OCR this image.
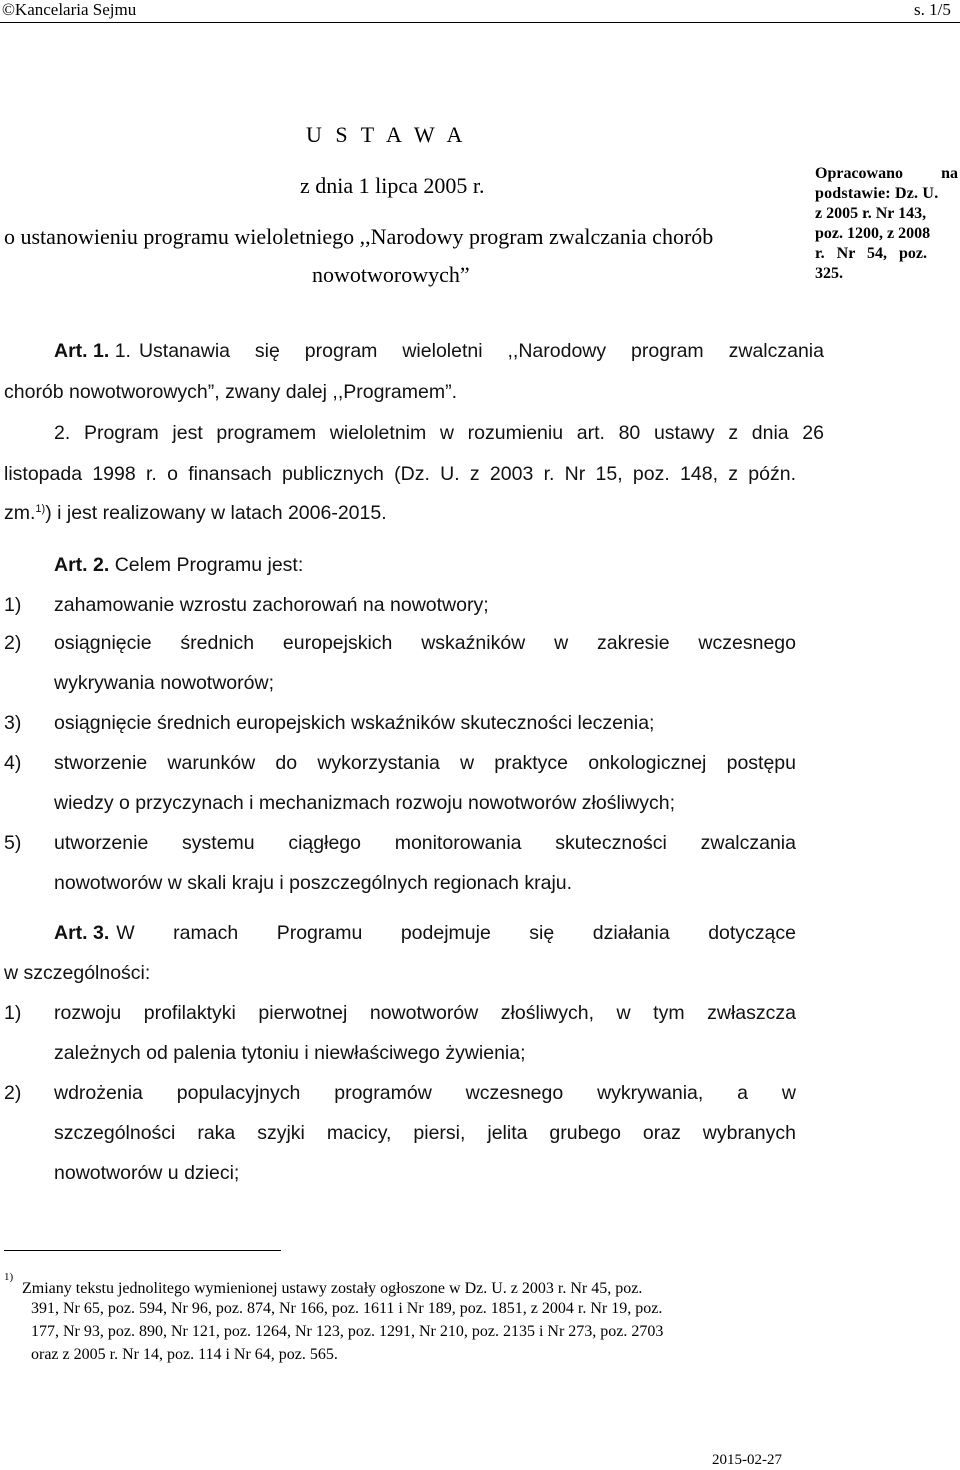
©Kancelaria Sejmu	s. 1/5
U S T A W A
z dnia 1 lipca 2005 r.
o ustanowieniu programu wieloletniego ,,Narodowy program zwalczania chorób
nowotworowych”
Opracowano na
podstawie: Dz. U.
z 2005 r. Nr 143,
poz. 1200, z 2008
r. Nr 54, poz.
325.
Art. 1. 1. Ustanawia się program wieloletni ,,Narodowy program zwalczania
chorób nowotworowych”, zwany dalej ,,Programem”.
2. Program jest programem wieloletnim w rozumieniu art. 80 ustawy z dnia 26
listopada 1998 r. o finansach publicznych (Dz. U. z 2003 r. Nr 15, poz. 148, z późn.
zm.$^{1)}$) i jest realizowany w latach 2006-2015.
Art. 2. Celem Programu jest:
1) zahamowanie wzrostu zachorowań na nowotwory;
2) osiągnięcie średnich europejskich wskaźników w zakresie wczesnego
wykrywania nowotworów;
3) osiągnięcie średnich europejskich wskaźników skuteczności leczenia;
4) stworzenie warunków do wykorzystania w praktyce onkologicznej postępu
wiedzy o przyczynach i mechanizmach rozwoju nowotworów złośliwych;
5) utworzenie systemu ciągłego monitorowania skuteczności zwalczania
nowotworów w skali kraju i poszczególnych regionach kraju.
Art. 3. W ramach Programu podejmuje się działania dotyczące
w szczególności:
1) rozwoju profilaktyki pierwotnej nowotworów złośliwych, w tym zwłaszcza
zależnych od palenia tytoniu i niewłaściwego żywienia;
2) wdrożenia populacyjnych programów wczesnego wykrywania, a w
szczególności raka szyjki macicy, piersi, jelita grubego oraz wybranych
nowotworów u dzieci;
$^{1)}$
Zmiany tekstu jednolitego wymienionej ustawy zostały ogłoszone w Dz. U. z 2003 r. Nr 45, poz.
391, Nr 65, poz. 594, Nr 96, poz. 874, Nr 166, poz. 1611 i Nr 189, poz. 1851, z 2004 r. Nr 19, poz.
177, Nr 93, poz. 890, Nr 121, poz. 1264, Nr 123, poz. 1291, Nr 210, poz. 2135 i Nr 273, poz. 2703
oraz z 2005 r. Nr 14, poz. 114 i Nr 64, poz. 565.
2015-02-27
